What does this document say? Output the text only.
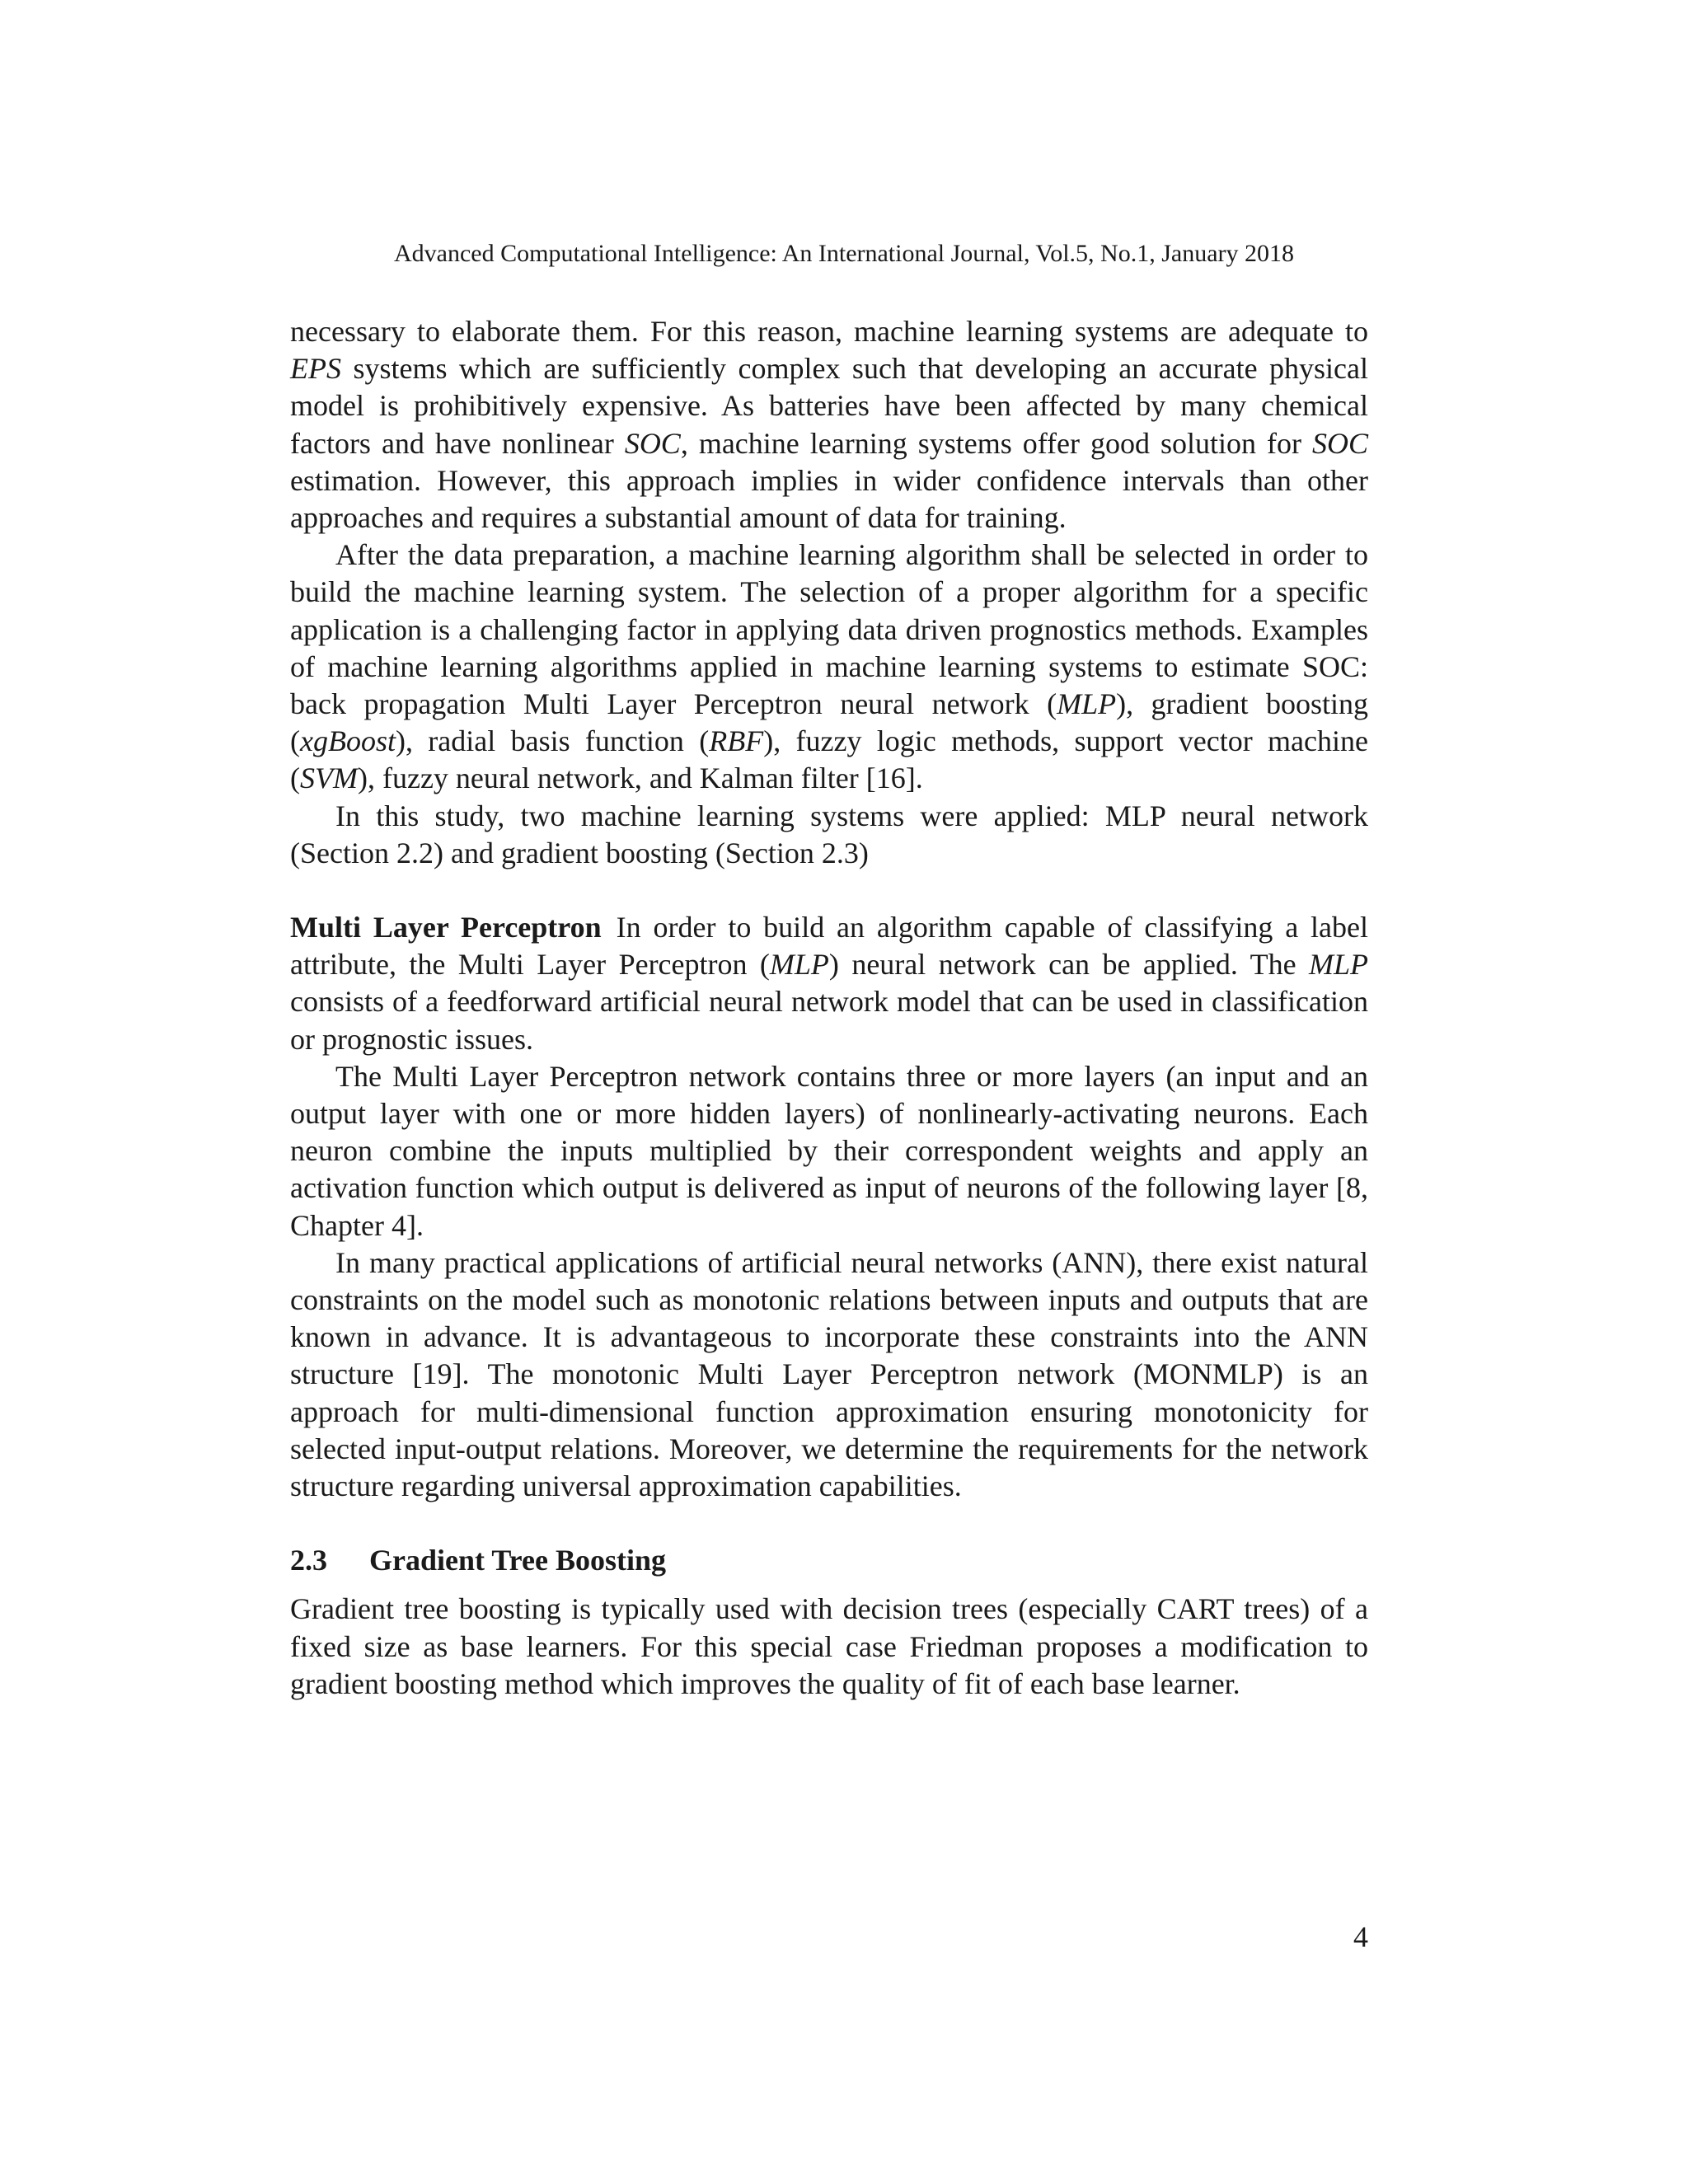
Advanced Computational Intelligence: An International Journal, Vol.5, No.1, January 2018

necessary to elaborate them. For this reason, machine learning systems are adequate to EPS systems which are sufficiently complex such that developing an accurate physical model is prohibitively expensive. As batteries have been affected by many chemical factors and have nonlinear SOC, machine learning systems offer good solution for SOC estimation. However, this approach implies in wider confidence intervals than other approaches and requires a substantial amount of data for training.

After the data preparation, a machine learning algorithm shall be selected in order to build the machine learning system. The selection of a proper algorithm for a specific application is a challenging factor in applying data driven prognostics methods. Examples of machine learning algorithms applied in machine learning systems to estimate SOC: back propagation Multi Layer Perceptron neural network (MLP), gradient boosting (xgBoost), radial basis function (RBF), fuzzy logic methods, support vector machine (SVM), fuzzy neural network, and Kalman filter [16].

In this study, two machine learning systems were applied: MLP neural network (Section 2.2) and gradient boosting (Section 2.3)

Multi Layer Perceptron In order to build an algorithm capable of classifying a label attribute, the Multi Layer Perceptron (MLP) neural network can be applied. The MLP consists of a feedforward artificial neural network model that can be used in classification or prognostic issues.

The Multi Layer Perceptron network contains three or more layers (an input and an output layer with one or more hidden layers) of nonlinearly-activating neurons. Each neuron combine the inputs multiplied by their correspondent weights and apply an activation function which output is delivered as input of neurons of the following layer [8, Chapter 4].

In many practical applications of artificial neural networks (ANN), there exist natural constraints on the model such as monotonic relations between inputs and outputs that are known in advance. It is advantageous to incorporate these constraints into the ANN structure [19]. The monotonic Multi Layer Perceptron network (MONMLP) is an approach for multi-dimensional function approximation ensuring monotonicity for selected input-output relations. Moreover, we determine the requirements for the network structure regarding universal approximation capabilities.

2.3 Gradient Tree Boosting

Gradient tree boosting is typically used with decision trees (especially CART trees) of a fixed size as base learners. For this special case Friedman proposes a modification to gradient boosting method which improves the quality of fit of each base learner.

4
